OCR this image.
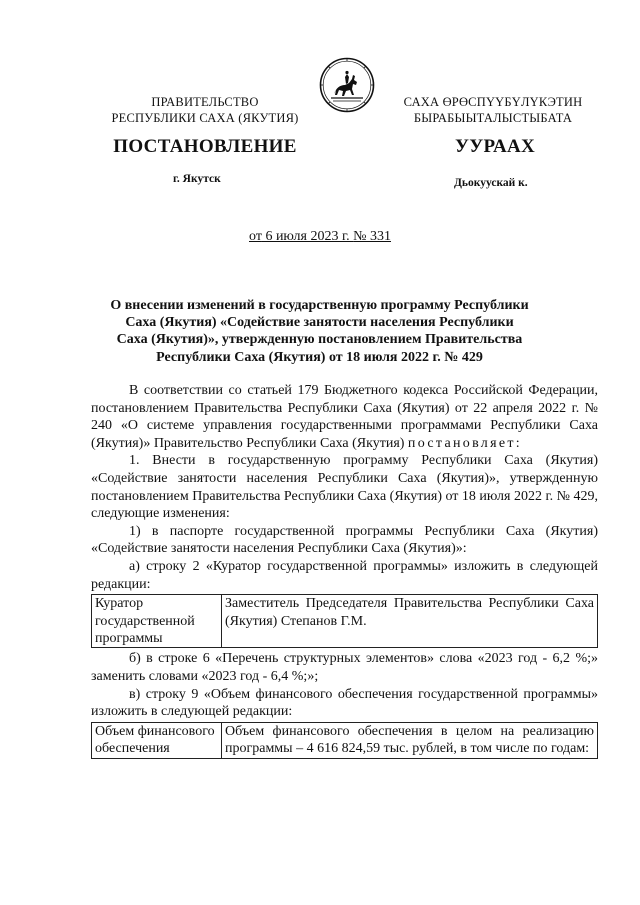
ПРАВИТЕЛЬСТВО
РЕСПУБЛИКИ САХА (ЯКУТИЯ)
САХА ӨРӨСПҮҮБҮЛҮКЭТИН
БЫРАБЫЫТАЛЫСТЫБАТА
ПОСТАНОВЛЕНИЕ	УУРААХ
г. Якутск	Дьокуускай к.
от 6 июля 2023 г. № 331
О внесении изменений в государственную программу Республики
Саха (Якутия) «Содействие занятости населения Республики
Саха (Якутия)», утвержденную постановлением Правительства
Республики Саха (Якутия) от 18 июля 2022 г. № 429

В соответствии со статьей 179 Бюджетного кодекса Российской Федерации, постановлением Правительства Республики Саха (Якутия) от 22 апреля 2022 г. № 240 «О системе управления государственными программами Республики Саха (Якутия)» Правительство Республики Саха (Якутия) постановляет:

1. Внести в государственную программу Республики Саха (Якутия) «Содействие занятости населения Республики Саха (Якутия)», утвержденную постановлением Правительства Республики Саха (Якутия) от 18 июля 2022 г. № 429, следующие изменения:

1) в паспорте государственной программы Республики Саха (Якутия) «Содействие занятости населения Республики Саха (Якутия)»:

а) строку 2 «Куратор государственной программы» изложить в следующей редакции:

Куратор государственной программы	Заместитель Председателя Правительства Республики Саха (Якутия) Степанов Г.М.

б) в строке 6 «Перечень структурных элементов» слова «2023 год - 6,2 %;» заменить словами «2023 год - 6,4 %;»;

в) строку 9 «Объем финансового обеспечения государственной программы» изложить в следующей редакции:

Объем финансового обеспечения	Объем финансового обеспечения в целом на реализацию программы – 4 616 824,59 тыс. рублей, в том числе по годам:
